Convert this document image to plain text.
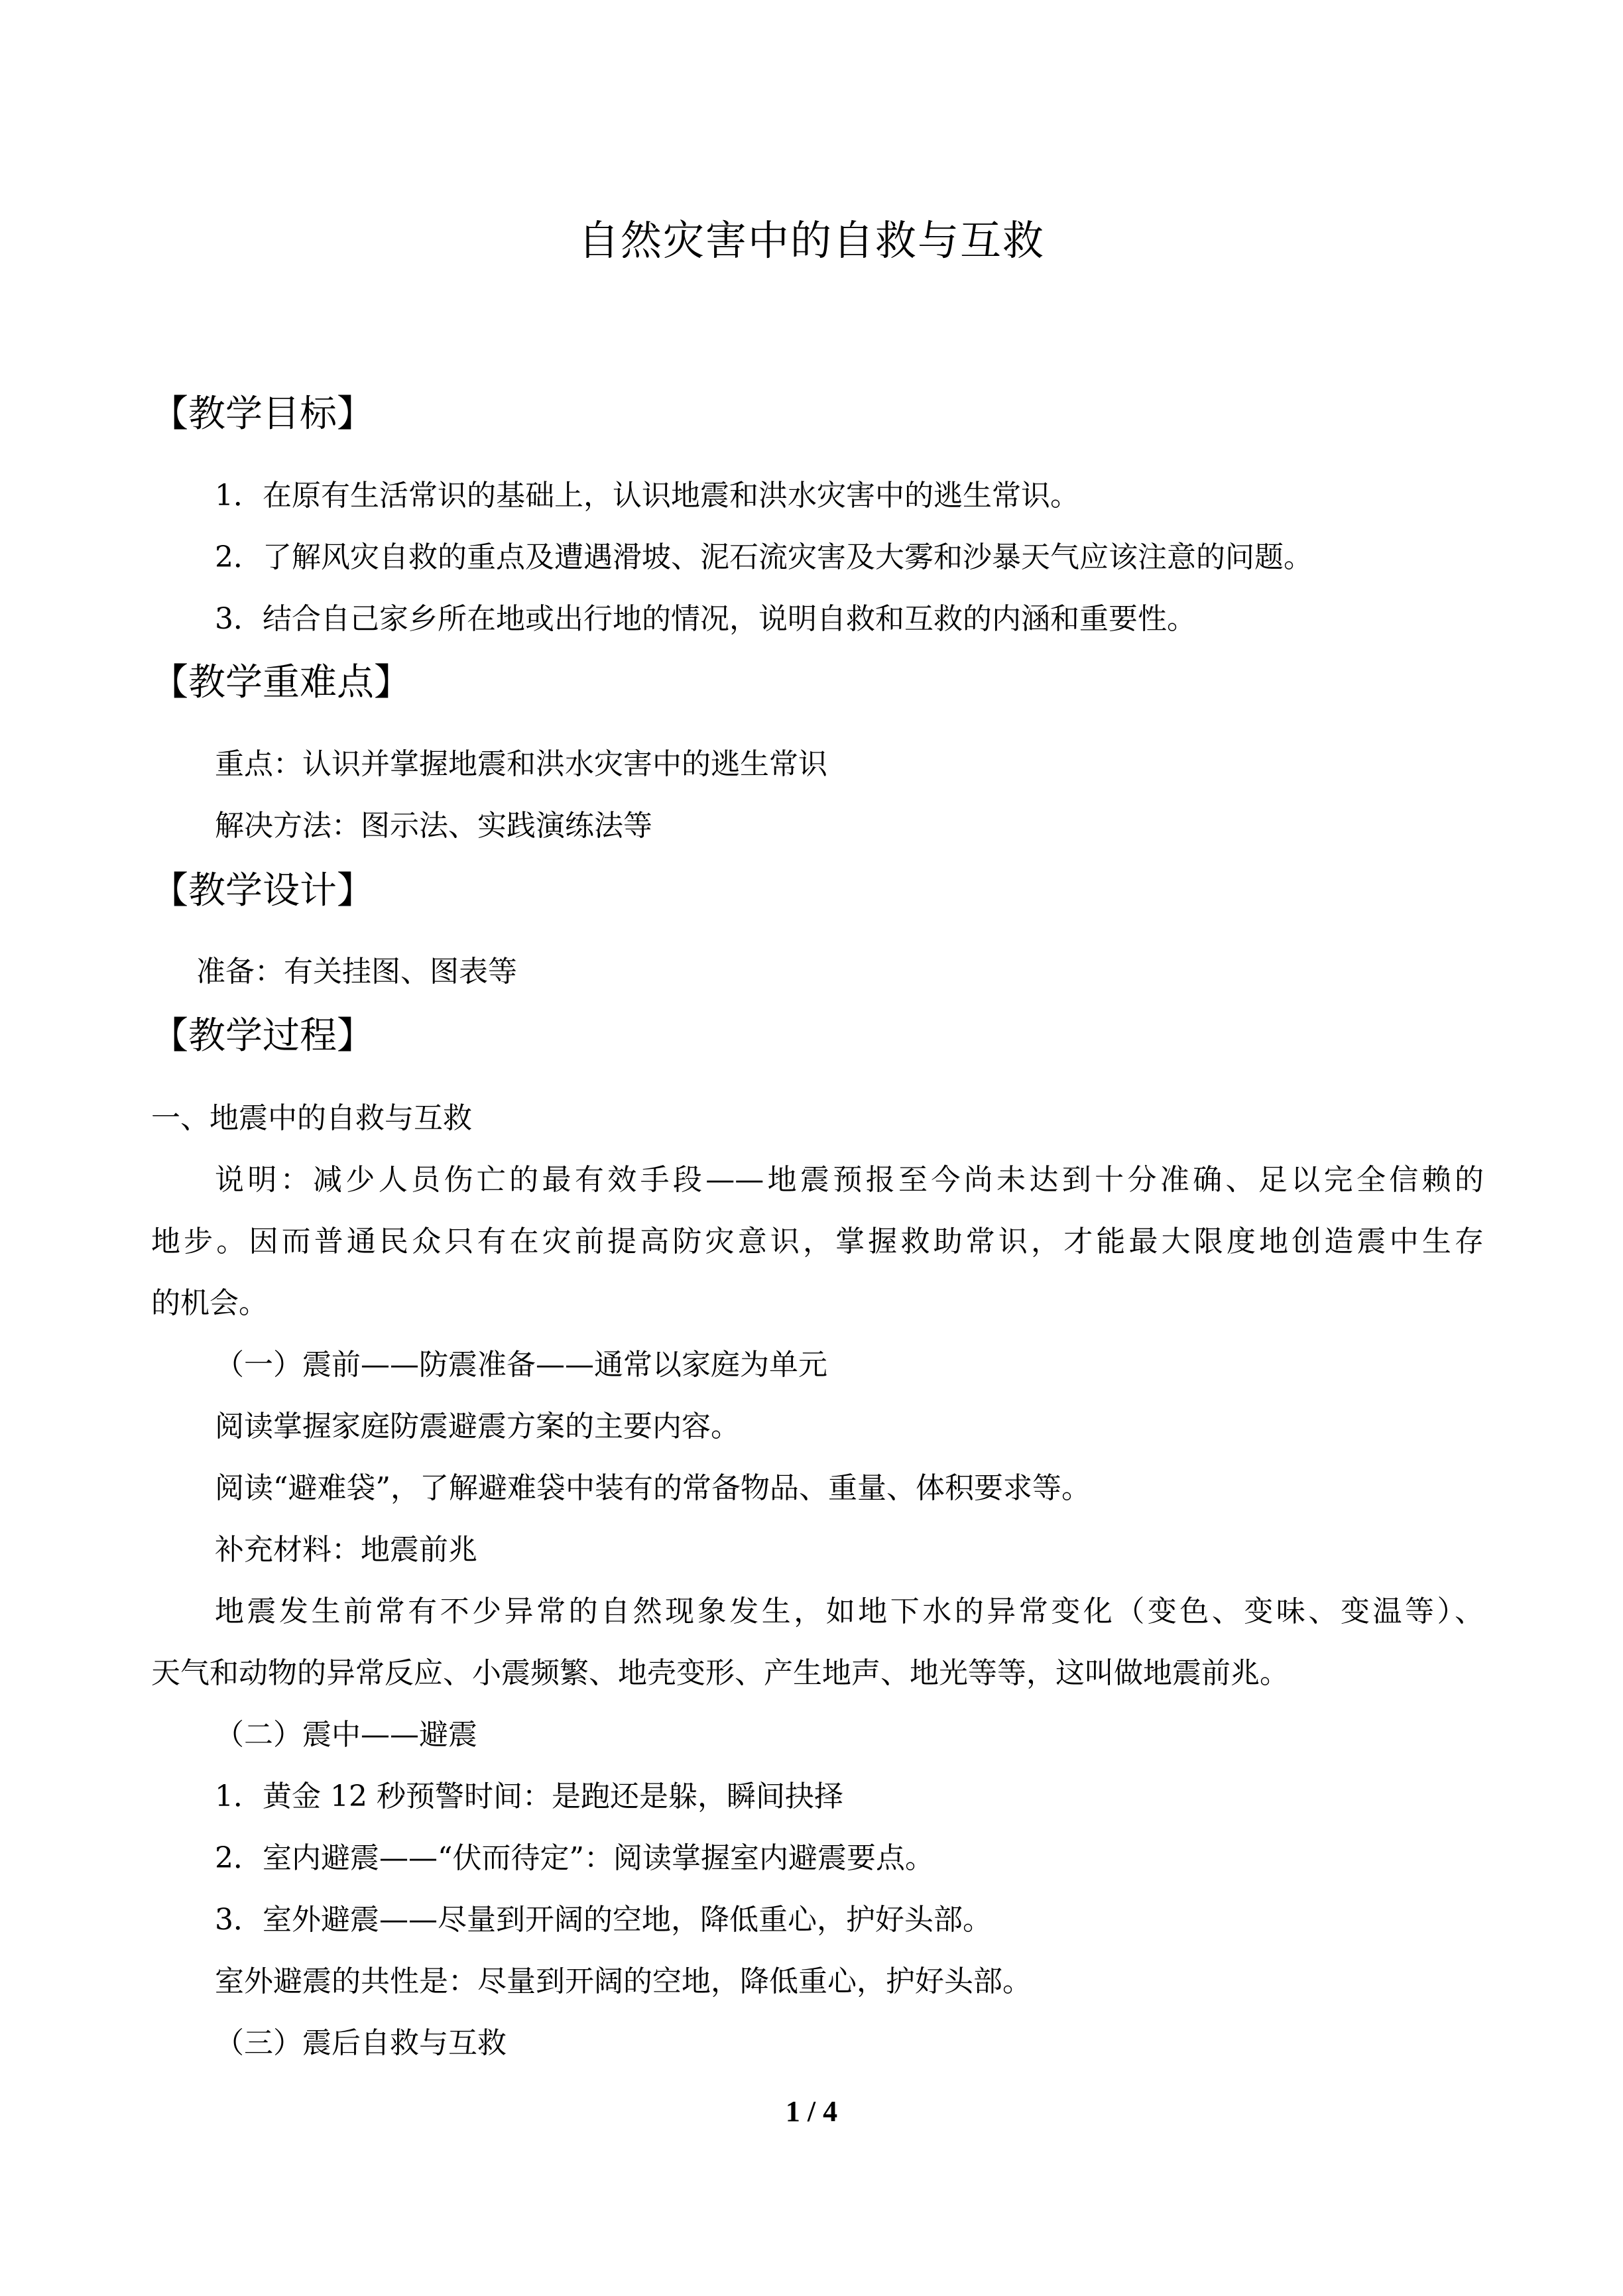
自然灾害中的自救与互救
【教学目标】
1．在原有生活常识的基础上，认识地震和洪水灾害中的逃生常识。
2．了解风灾自救的重点及遭遇滑坡、泥石流灾害及大雾和沙暴天气应该注意的问题。
3．结合自己家乡所在地或出行地的情况，说明自救和互救的内涵和重要性。
【教学重难点】
重点：认识并掌握地震和洪水灾害中的逃生常识
解决方法：图示法、实践演练法等
【教学设计】
准备：有关挂图、图表等
【教学过程】
一、地震中的自救与互救
说明：减少人员伤亡的最有效手段——地震预报至今尚未达到十分准确、足以完全信赖的
地步。因而普通民众只有在灾前提高防灾意识，掌握救助常识，才能最大限度地创造震中生存
的机会。
（一）震前——防震准备——通常以家庭为单元
阅读掌握家庭防震避震方案的主要内容。
阅读“避难袋”，了解避难袋中装有的常备物品、重量、体积要求等。
补充材料：地震前兆
地震发生前常有不少异常的自然现象发生，如地下水的异常变化（变色、变味、变温等）、
天气和动物的异常反应、小震频繁、地壳变形、产生地声、地光等等，这叫做地震前兆。
（二）震中——避震
1．黄金 12 秒预警时间：是跑还是躲，瞬间抉择
2．室内避震——“伏而待定”：阅读掌握室内避震要点。
3．室外避震——尽量到开阔的空地，降低重心，护好头部。
室外避震的共性是：尽量到开阔的空地，降低重心，护好头部。
（三）震后自救与互救
1 / 4
